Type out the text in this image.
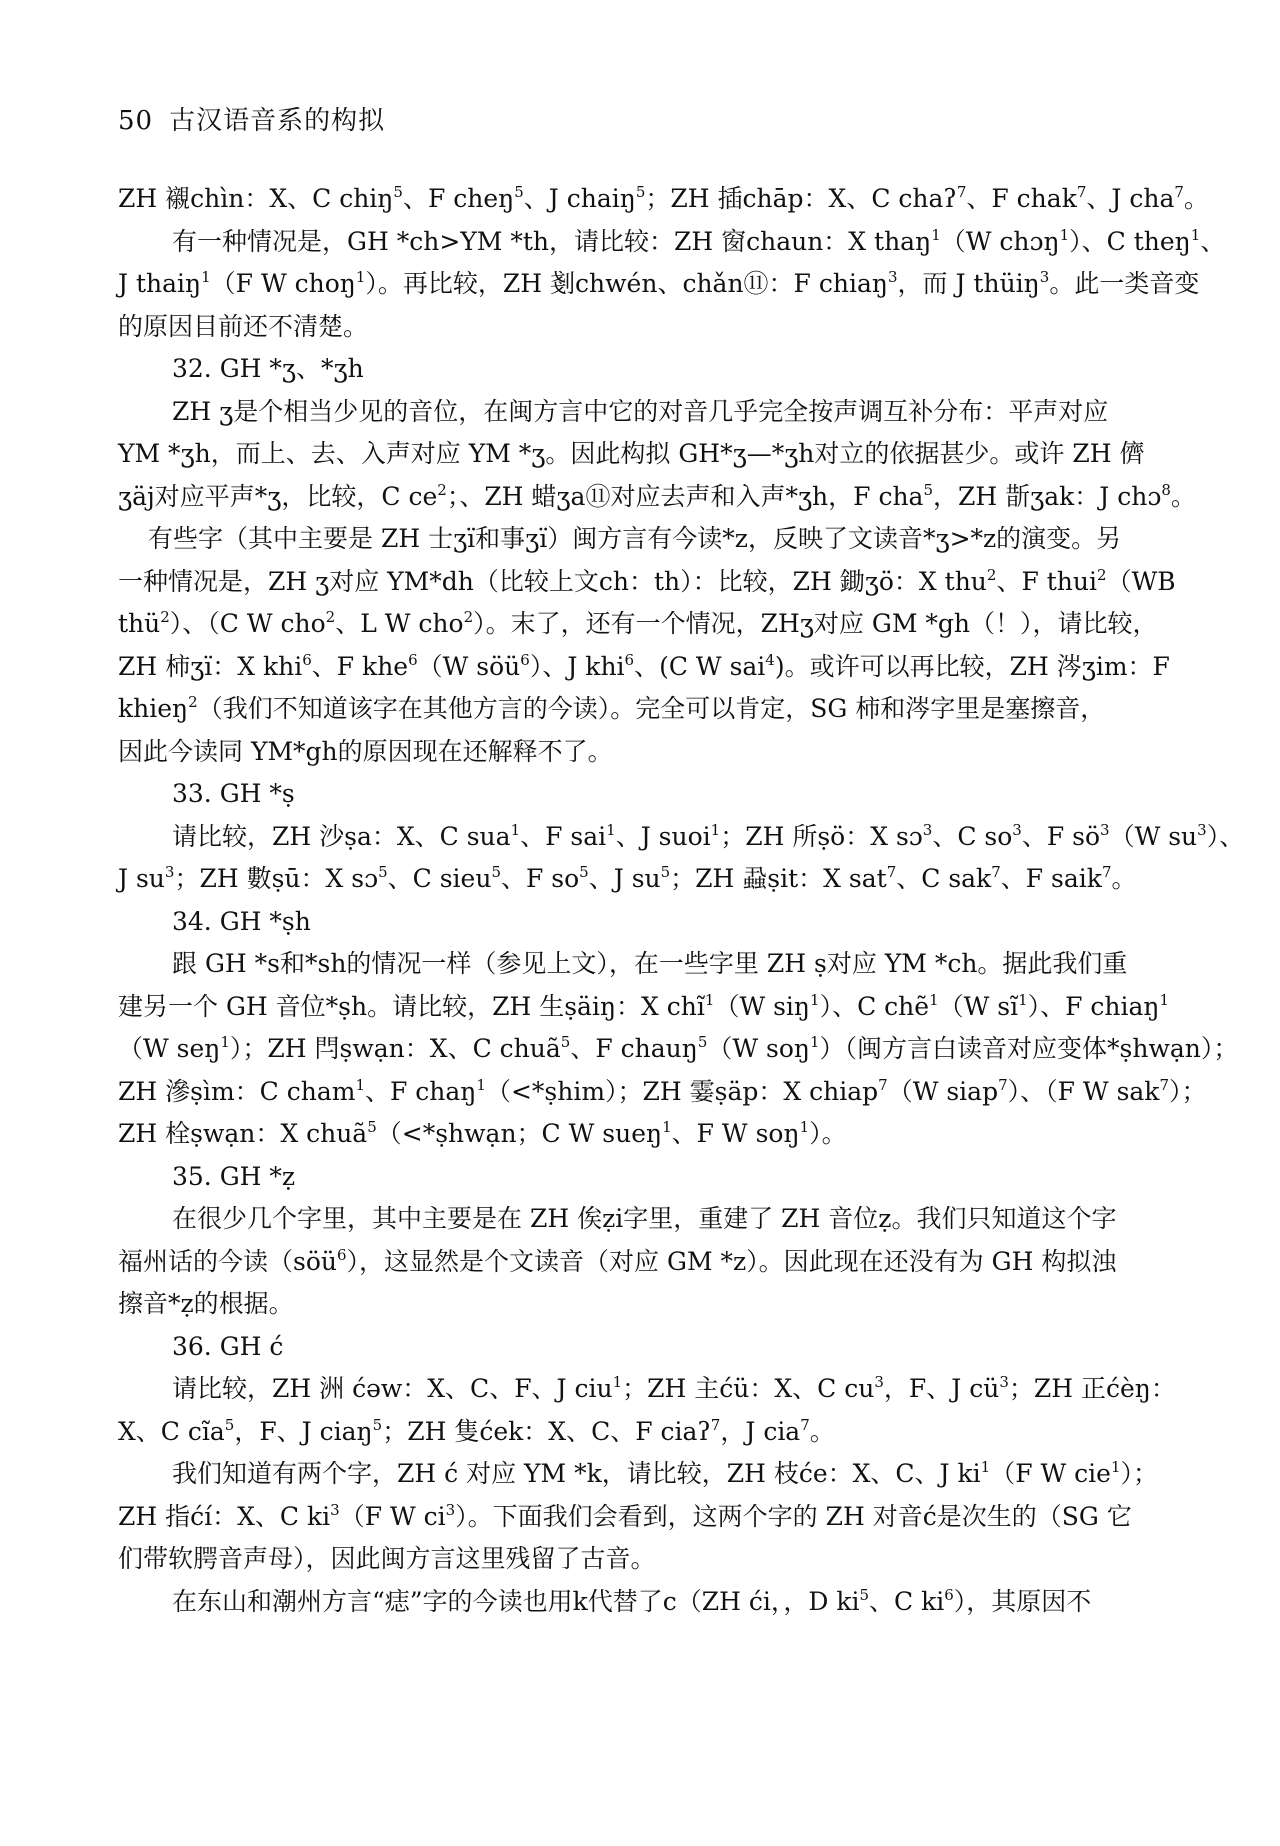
50 古汉语音系的构拟
ZH 襯chìn：X、C chiŋ$^5$、F cheŋ$^5$、J chaiŋ$^5$；ZH 插chāp：X、C chaʔ$^7$、F chak$^7$、J cha$^7$。
有一种情况是，GH *ch>YM *th，请比较：ZH 窗chaun：X thaŋ$^1$（W chɔŋ$^1$）、C theŋ$^1$、
J thaiŋ$^1$（F W choŋ$^1$）。再比较，ZH 剗chwén、chǎn⑪：F chiaŋ$^3$，而 J thüiŋ$^3$。此一类音变
的原因目前还不清楚。
32. GH *ʒ、*ʒh
ZH ʒ是个相当少见的音位，在闽方言中它的对音几乎完全按声调互补分布：平声对应
YM *ʒh，而上、去、入声对应 YM *ʒ。因此构拟 GH*ʒ—*ʒh对立的依据甚少。或许 ZH 儕
ʒäj对应平声*ʒ，比较，C $ce^2$；、ZH 蜡ʒa⑪对应去声和入声*ʒh，F cha$^5$，ZH 斮ʒak：J chɔ$^8$。
有些字（其中主要是 ZH 士ʒï和事ʒï）闽方言有今读*z，反映了文读音*ʒ>*z的演变。另
一种情况是，ZH ʒ对应 YM*dh（比较上文ch：th）：比较，ZH 鋤ʒö：X thu$^2$、F thui$^2$（WB
thü$^2$）、（C W cho$^2$、L W cho$^2$）。末了，还有一个情况，ZHʒ对应 GM *gh（！），请比较，
ZH 柿ʒï：X khi$^6$、F khe$^6$（W söü$^6$）、J khi$^6$、(C W sai$^4$)。或许可以再比较，ZH 涔ʒim：F
khieŋ$^2$（我们不知道该字在其他方言的今读）。完全可以肯定，SG 柿和涔字里是塞擦音，
因此今读同 YM*gh的原因现在还解释不了。
33. GH *ṣ
请比较，ZH 沙ṣa：X、C sua$^1$、F sai$^1$、J suoi$^1$；ZH 所ṣö：X sɔ$^3$、C $so^3$、F $sö^3(W$ $su^3$）、
J $su^3$；ZH 數ṣū：X sɔ$^5$、C sieu$^5$、F $so^5$、J $su^5$；ZH 蝨ṣit：X sat$^7$、C sak$^7$、F saik$^7$。
34. GH *ṣh
跟 GH *s和*sh的情况一样（参见上文），在一些字里 ZH ṣ对应 YM *ch。据此我们重
建另一个 GH 音位*ṣh。请比较，ZH 生ṣäiŋ：X chĩ$^1$（W siŋ$^1$）、C chẽ$^1$（W $sĩ^1$）、F chiaŋ$^1$
（W seŋ$^1$）；ZH 閂ṣwạn：X、C chuã$^5$、F chauŋ$^5$（W soŋ$^1$）（闽方言白读音对应变体*ṣhwạn）；
ZH 滲ṣìm：C cham$^1$、F chaŋ$^1$（<*ṣhim）；ZH 霎ṣäp：X chiap$^7$（W siap$^7$）、（F W sak$^7$）；
ZH 栓ṣwạn：X chuã$^5$（<*ṣhwạn；C W sueŋ$^1$、F W soŋ$^1$）。
35. GH *ẓ
在很少几个字里，其中主要是在 ZH 俟ẓi字里，重建了 ZH 音位ẓ。我们只知道这个字
福州话的今读（söü$^6$），这显然是个文读音（对应 GM *z）。因此现在还没有为 GH 构拟浊
擦音*ẓ的根据。
36. GH ć
请比较，ZH 洲 ćəw：X、C、F、J ciu$^1$；ZH 主ćü：X、C $cu^3$，F、J $cü^3$；ZH 正ćèŋ：
X、C cĩa$^5$，F、J ciaŋ$^5$；ZH 隻ćek：X、C、F ciaʔ$^7$，J cia$^7$。
我们知道有两个字，ZH ć 对应 YM *k，请比较，ZH 枝će：X、C、J $ki^1(F$ W cie$^1$）；
ZH 指ćí：X、C $ki^3(F$ W $ci^3$）。下面我们会看到，这两个字的 ZH 对音ć是次生的（SG 它
们带软腭音声母），因此闽方言这里残留了古音。
在东山和潮州方言“痣”字的今读也用k代替了c（ZH ći，，D $ki^5$、C $ki^6$），其原因不
